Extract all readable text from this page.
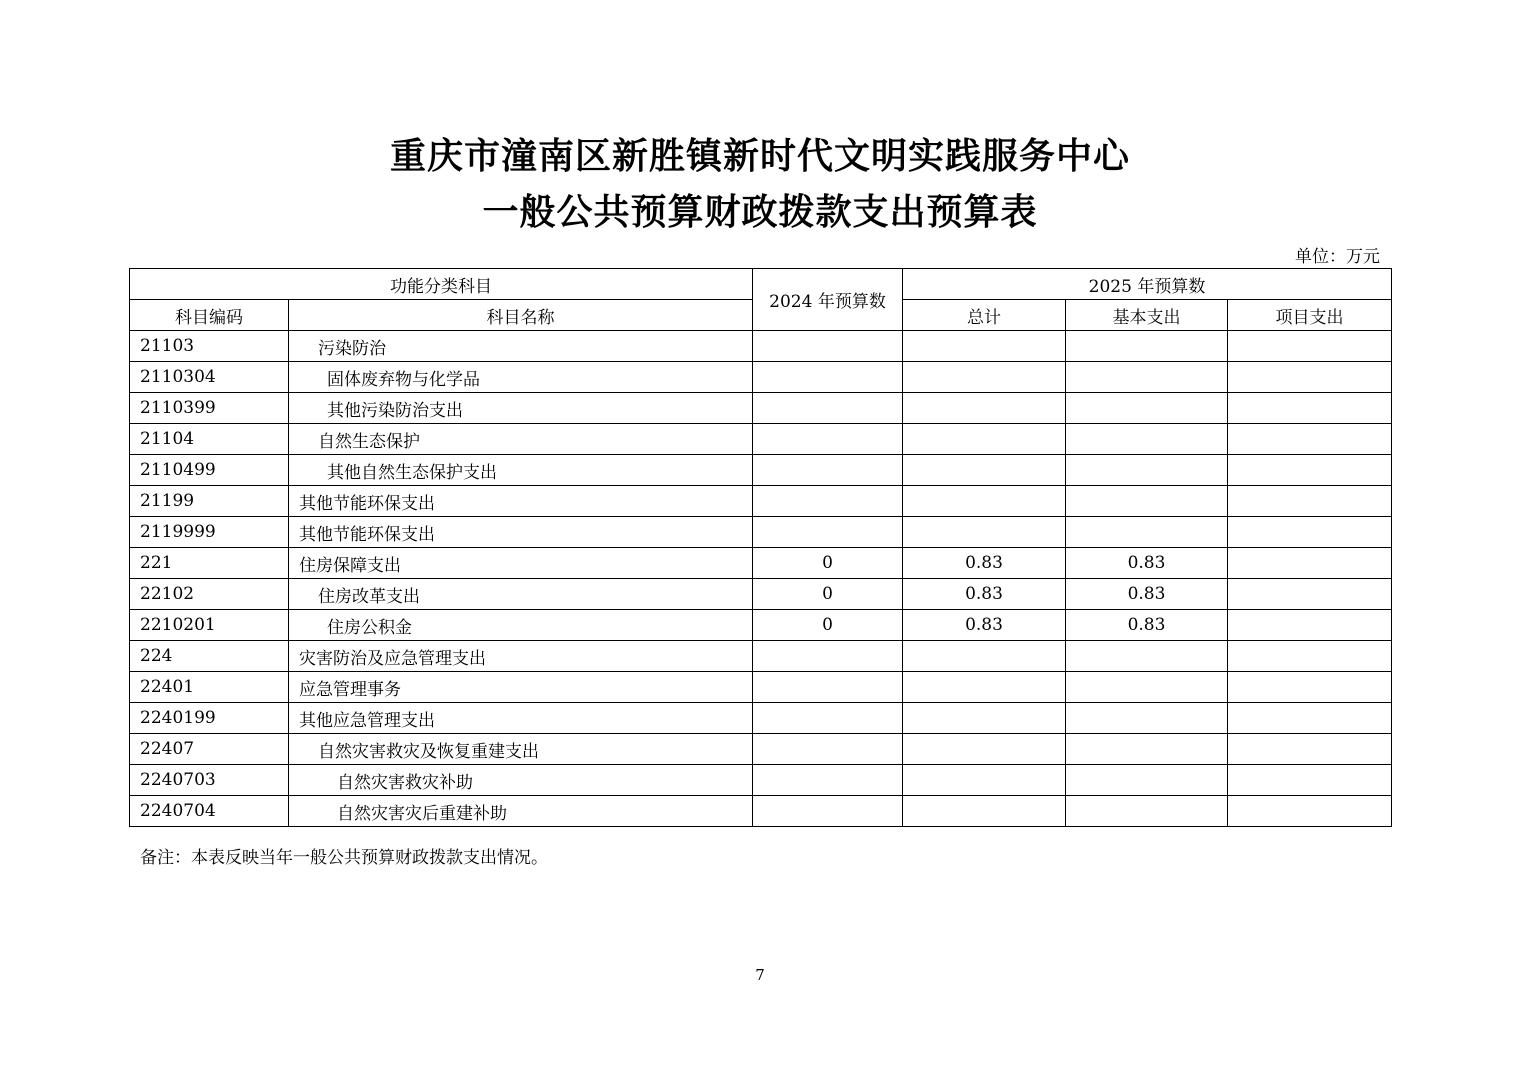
重庆市潼南区新胜镇新时代文明实践服务中心
一般公共预算财政拨款支出预算表
单位：万元
功能分类科目		2024 年预算数	2025 年预算数		
科目编码	科目名称		总计	基本支出	项目支出
21103	污染防治				
2110304	固体废弃物与化学品				
2110399	其他污染防治支出				
21104	自然生态保护				
2110499	其他自然生态保护支出				
21199	其他节能环保支出				
2119999	其他节能环保支出				
221	住房保障支出	0	0.83	0.83	
22102	住房改革支出	0	0.83	0.83	
2210201	住房公积金	0	0.83	0.83	
224	灾害防治及应急管理支出				
22401	应急管理事务				
2240199	其他应急管理支出				
22407	自然灾害救灾及恢复重建支出				
2240703	自然灾害救灾补助				
2240704	自然灾害灾后重建补助				
备注：本表反映当年一般公共预算财政拨款支出情况。
7
